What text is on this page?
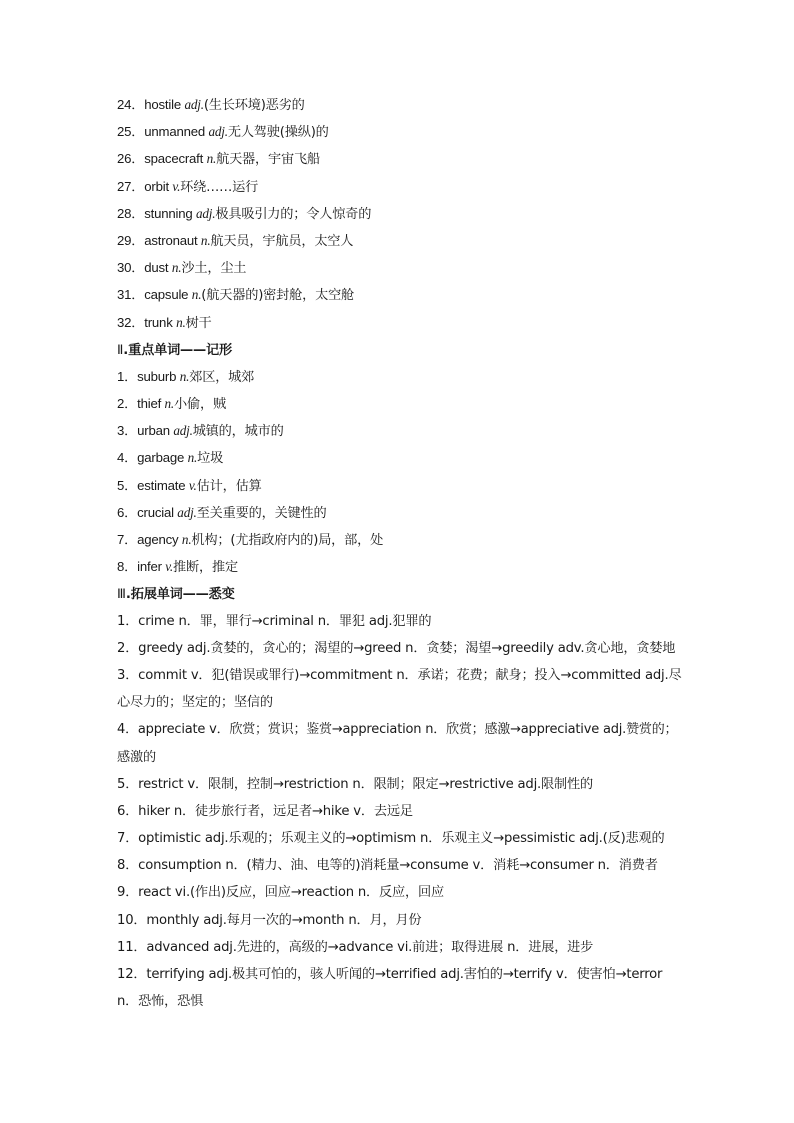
24．hostile adj.(生长环境)恶劣的
25．unmanned adj.无人驾驶(操纵)的
26．spacecraft n.航天器，宇宙飞船
27．orbit v.环绕……运行
28．stunning adj.极具吸引力的；令人惊奇的
29．astronaut n.航天员，宇航员，太空人
30．dust n.沙土，尘土
31．capsule n.(航天器的)密封舱，太空舱
32．trunk n.树干
Ⅱ.重点单词——记形
1．suburb n.郊区，城郊
2．thief n.小偷，贼
3．urban adj.城镇的，城市的
4．garbage n.垃圾
5．estimate v.估计，估算
6．crucial adj.至关重要的，关键性的
7．agency n.机构；(尤指政府内的)局，部，处
8．infer v.推断，推定
Ⅲ.拓展单词——悉变
1．crime n．罪，罪行→criminal n．罪犯 adj.犯罪的
2．greedy adj.贪婪的，贪心的；渴望的→greed n．贪婪；渴望→greedily adv.贪心地，贪婪地
3．commit v．犯(错误或罪行)→commitment n．承诺；花费；献身；投入→committed adj.尽
心尽力的；坚定的；坚信的
4．appreciate v．欣赏；赏识；鉴赏→appreciation n．欣赏；感激→appreciative adj.赞赏的；
感激的
5．restrict v．限制，控制→restriction n．限制；限定→restrictive adj.限制性的
6．hiker n．徒步旅行者，远足者→hike v．去远足
7．optimistic adj.乐观的；乐观主义的→optimism n．乐观主义→pessimistic adj.(反)悲观的
8．consumption n．(精力、油、电等的)消耗量→consume v．消耗→consumer n．消费者
9．react vi.(作出)反应，回应→reaction n．反应，回应
10．monthly adj.每月一次的→month n．月，月份
11．advanced adj.先进的，高级的→advance vi.前进；取得进展 n．进展，进步
12．terrifying adj.极其可怕的，骇人听闻的→terrified adj.害怕的→terrify v．使害怕→terror
n．恐怖，恐惧
